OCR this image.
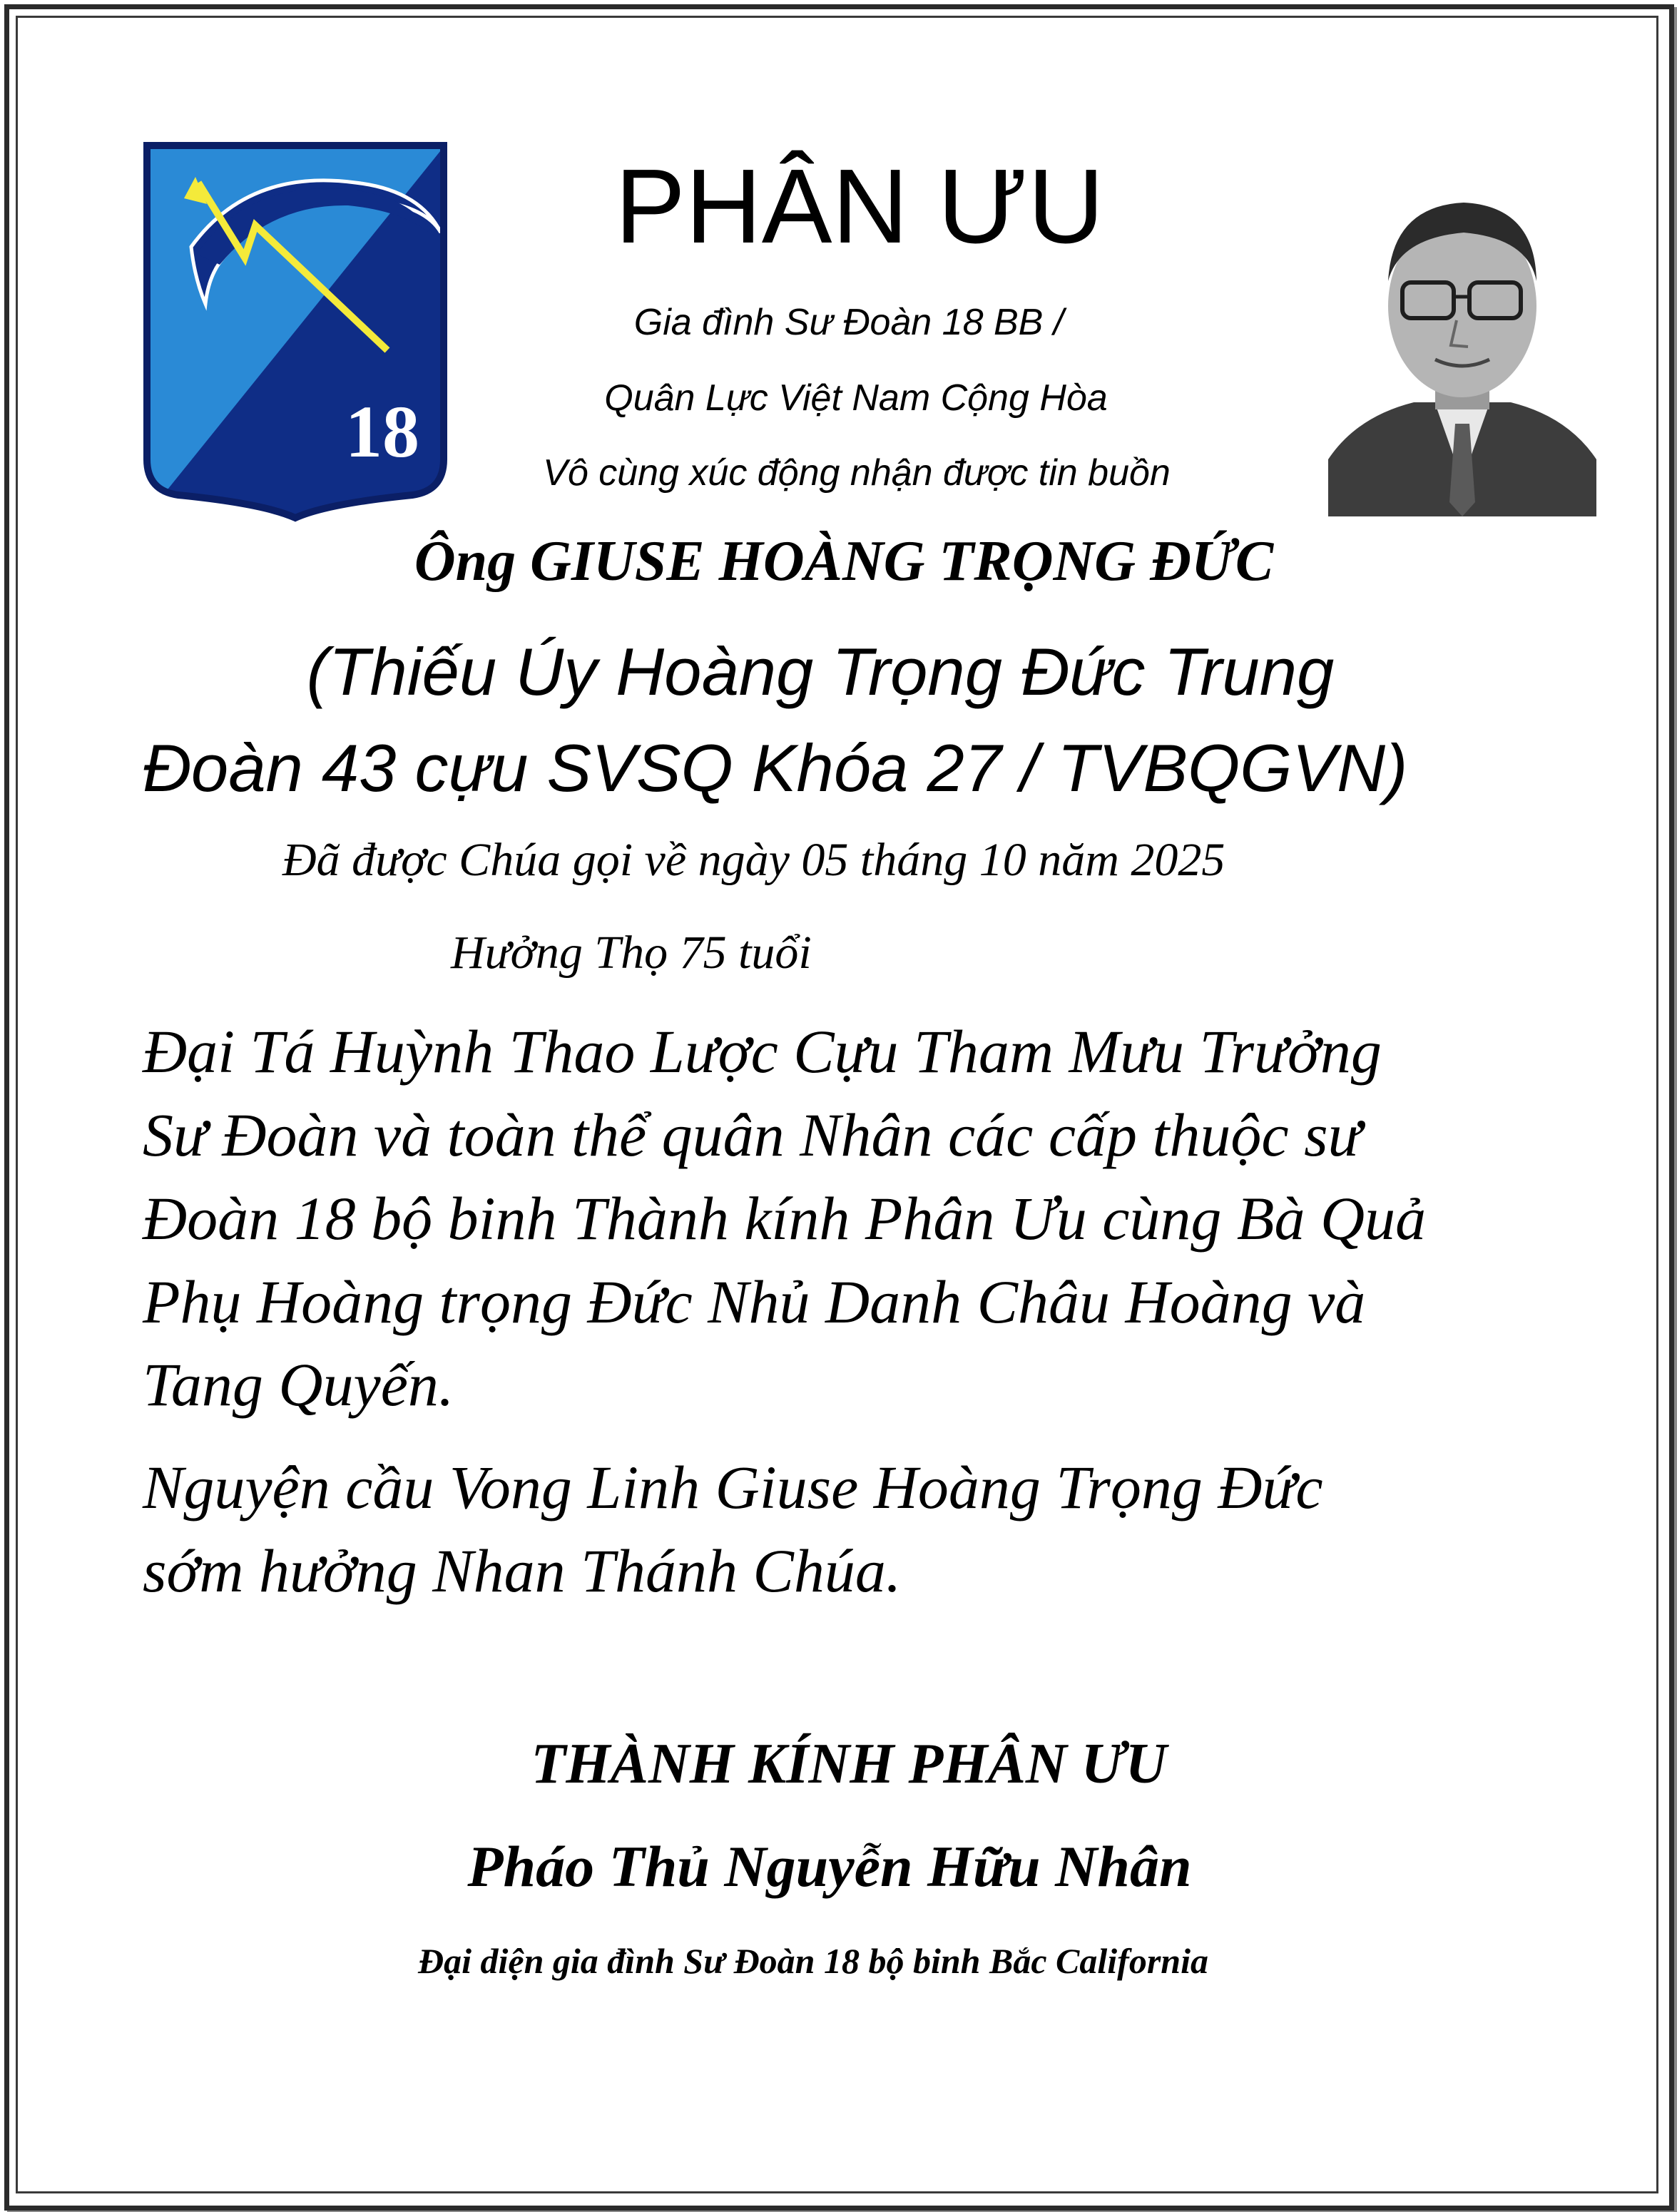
18
PHÂN ƯU
Gia đình Sư Đoàn 18 BB /
Quân Lực Việt Nam Cộng Hòa
Vô cùng xúc động nhận được tin buồn
Ông GIUSE HOÀNG TRỌNG ĐỨC
(Thiếu Úy Hoàng Trọng Đức Trung
Đoàn 43 cựu SVSQ Khóa 27 / TVBQGVN)
Đã được Chúa gọi về ngày 05 tháng 10 năm 2025
Hưởng Thọ 75 tuổi
Đại Tá Huỳnh Thao Lược Cựu Tham Mưu Trưởng
Sư Đoàn và toàn thể quân Nhân các cấp thuộc sư
Đoàn 18 bộ binh Thành kính Phân Ưu cùng Bà Quả
Phụ Hoàng trọng Đức Nhủ Danh Châu Hoàng và
Tang Quyến.
Nguyện cầu Vong Linh Giuse Hoàng Trọng Đức
sớm hưởng Nhan Thánh Chúa.
THÀNH KÍNH PHÂN ƯU
Pháo Thủ Nguyễn Hữu Nhân
Đại diện gia đình Sư Đoàn 18 bộ binh Bắc California
